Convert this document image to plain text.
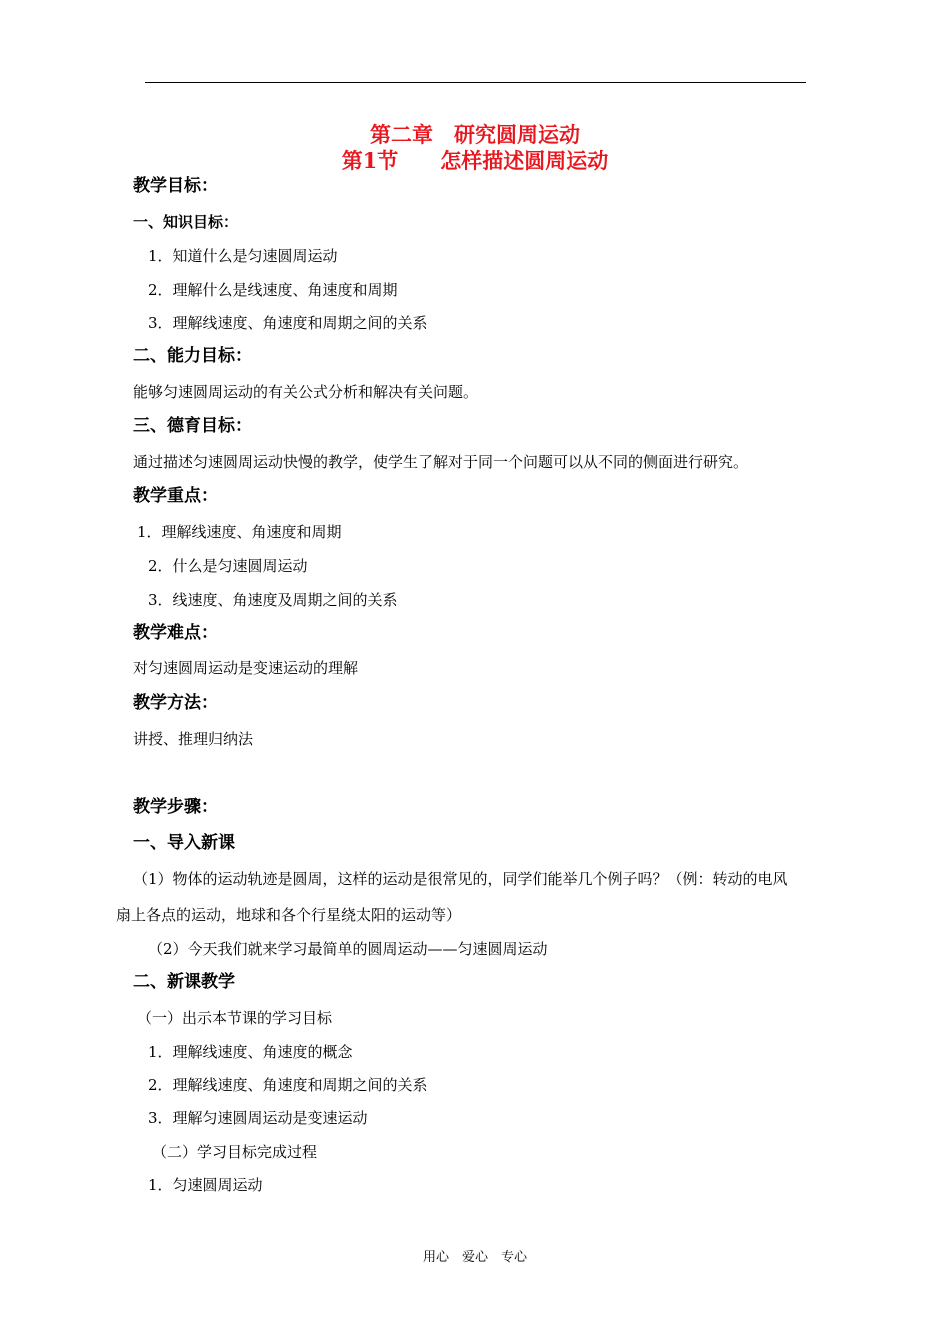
第二章　研究圆周运动
第1节　　怎样描述圆周运动
教学目标：
一、知识目标：
1．知道什么是匀速圆周运动
2．理解什么是线速度、角速度和周期
3．理解线速度、角速度和周期之间的关系
二、能力目标：
能够匀速圆周运动的有关公式分析和解决有关问题。
三、德育目标：
通过描述匀速圆周运动快慢的教学，使学生了解对于同一个问题可以从不同的侧面进行研究。
教学重点：
1．理解线速度、角速度和周期
2．什么是匀速圆周运动
3．线速度、角速度及周期之间的关系
教学难点：
对匀速圆周运动是变速运动的理解
教学方法：
讲授、推理归纳法
教学步骤：
一、导入新课
（1）物体的运动轨迹是圆周，这样的运动是很常见的，同学们能举几个例子吗？（例：转动的电风
扇上各点的运动，地球和各个行星绕太阳的运动等）
（2）今天我们就来学习最简单的圆周运动——匀速圆周运动
二、新课教学
（一）出示本节课的学习目标
1．理解线速度、角速度的概念
2．理解线速度、角速度和周期之间的关系
3．理解匀速圆周运动是变速运动
（二）学习目标完成过程
1．匀速圆周运动
用心　爱心　专心
